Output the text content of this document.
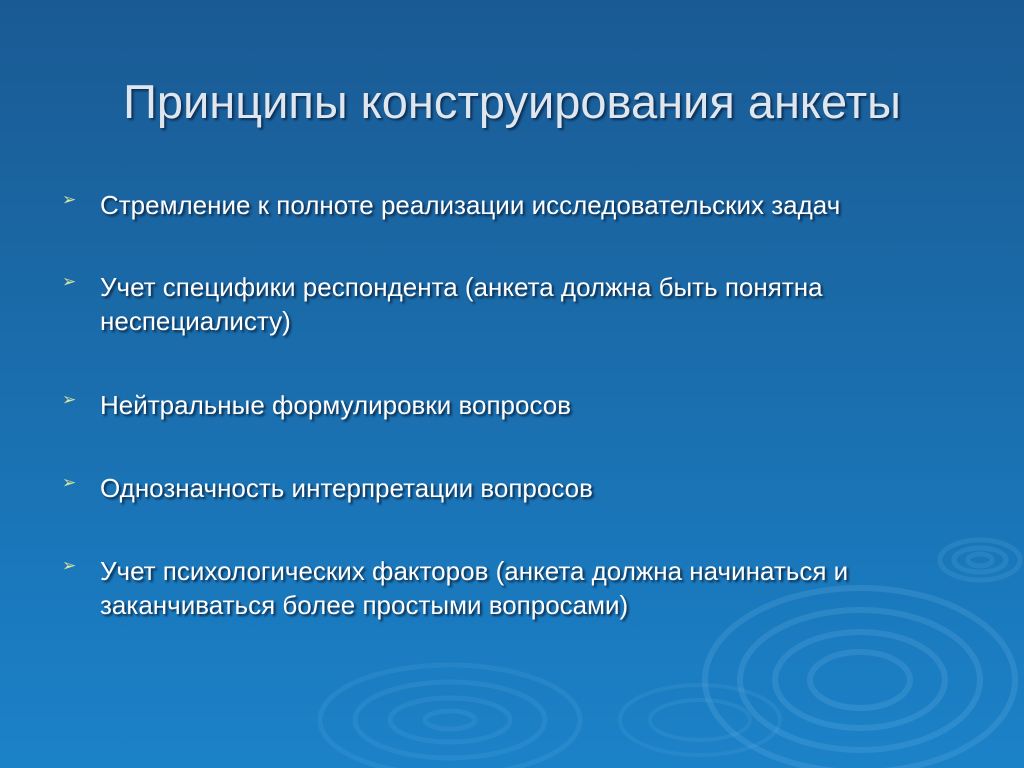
Принципы конструирования анкеты
➢ Стремление к полноте реализации исследовательских задач
➢ Учет специфики респондента (анкета должна быть понятна неспециалисту)
➢ Нейтральные формулировки вопросов
➢ Однозначность интерпретации вопросов
➢ Учет психологических факторов (анкета должна начинаться и заканчиваться более простыми вопросами)
